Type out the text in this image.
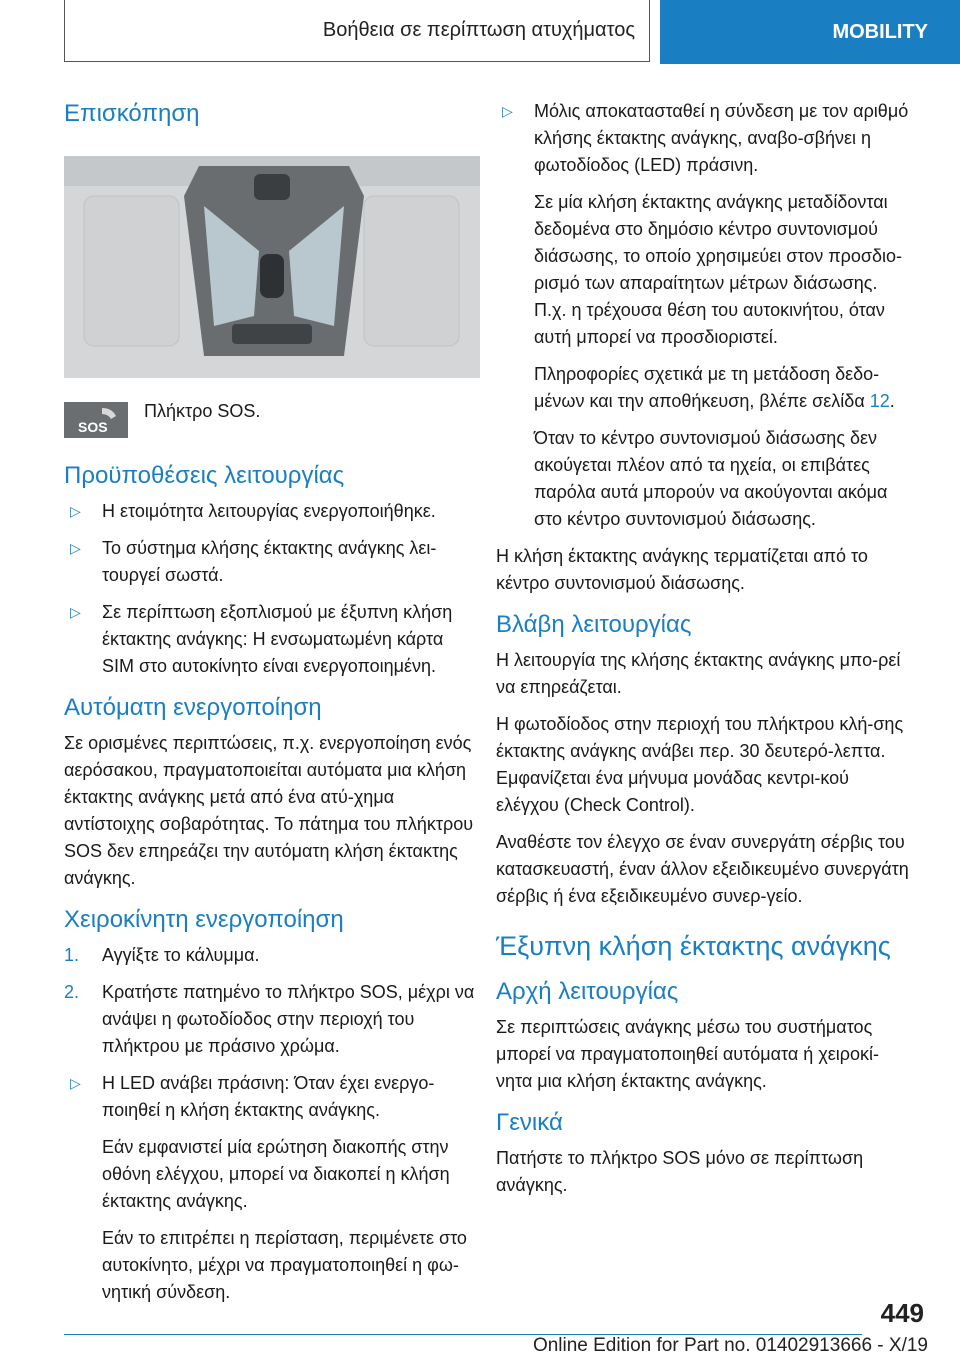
Βοήθεια σε περίπτωση ατυχήματος	MOBILITY
Επισκόπηση
SOS
Πλήκτρο SOS.
Προϋποθέσεις λειτουργίας
▷ Η ετοιμότητα λειτουργίας ενεργοποιήθηκε.
▷ Το σύστημα κλήσης έκτακτης ανάγκης λει-τουργεί σωστά.
▷ Σε περίπτωση εξοπλισμού με έξυπνη κλήση έκτακτης ανάγκης: Η ενσωματωμένη κάρτα SIM στο αυτοκίνητο είναι ενεργοποιημένη.
Αυτόματη ενεργοποίηση

Σε ορισμένες περιπτώσεις, π.χ. ενεργοποίηση ενός αερόσακου, πραγματοποιείται αυτόματα μια κλήση έκτακτης ανάγκης μετά από ένα ατύ-χημα αντίστοιχης σοβαρότητας. Το πάτημα του πλήκτρου SOS δεν επηρεάζει την αυτόματη κλήση έκτακτης ανάγκης.

Χειροκίνητη ενεργοποίηση
1. Αγγίξτε το κάλυμμα.
2. Κρατήστε πατημένο το πλήκτρο SOS, μέχρι να ανάψει η φωτοδίοδος στην περιοχή του πλήκτρου με πράσινο χρώμα.
▷ Η LED ανάβει πράσινη: Όταν έχει ενεργο-ποιηθεί η κλήση έκτακτης ανάγκης.
Εάν εμφανιστεί μία ερώτηση διακοπής στην οθόνη ελέγχου, μπορεί να διακοπεί η κλήση έκτακτης ανάγκης.
Εάν το επιτρέπει η περίσταση, περιμένετε στο αυτοκίνητο, μέχρι να πραγματοποιηθεί η φω-νητική σύνδεση.
▷ Μόλις αποκατασταθεί η σύνδεση με τον αριθμό κλήσης έκτακτης ανάγκης, αναβο-σβήνει η φωτοδίοδος (LED) πράσινη.
Σε μία κλήση έκτακτης ανάγκης μεταδίδονται δεδομένα στο δημόσιο κέντρο συντονισμού διάσωσης, το οποίο χρησιμεύει στον προσδιο-ρισμό των απαραίτητων μέτρων διάσωσης. Π.χ. η τρέχουσα θέση του αυτοκινήτου, όταν αυτή μπορεί να προσδιοριστεί.
Πληροφορίες σχετικά με τη μετάδοση δεδο-μένων και την αποθήκευση, βλέπε σελίδα 12.
Όταν το κέντρο συντονισμού διάσωσης δεν ακούγεται πλέον από τα ηχεία, οι επιβάτες παρόλα αυτά μπορούν να ακούγονται ακόμα στο κέντρο συντονισμού διάσωσης.

Η κλήση έκτακτης ανάγκης τερματίζεται από το κέντρο συντονισμού διάσωσης.

Βλάβη λειτουργίας

Η λειτουργία της κλήσης έκτακτης ανάγκης μπο-ρεί να επηρεάζεται.

Η φωτοδίοδος στην περιοχή του πλήκτρου κλή-σης έκτακτης ανάγκης ανάβει περ. 30 δευτερό-λεπτα. Εμφανίζεται ένα μήνυμα μονάδας κεντρι-κού ελέγχου (Check Control).

Αναθέστε τον έλεγχο σε έναν συνεργάτη σέρβις του κατασκευαστή, έναν άλλον εξειδικευμένο συνεργάτη σέρβις ή ένα εξειδικευμένο συνερ-γείο.

Έξυπνη κλήση έκτακτης ανάγκης
Αρχή λειτουργίας

Σε περιπτώσεις ανάγκης μέσω του συστήματος μπορεί να πραγματοποιηθεί αυτόματα ή χειροκί-νητα μια κλήση έκτακτης ανάγκης.

Γενικά

Πατήστε το πλήκτρο SOS μόνο σε περίπτωση ανάγκης.

449
Online Edition for Part no. 01402913666 - X/19
